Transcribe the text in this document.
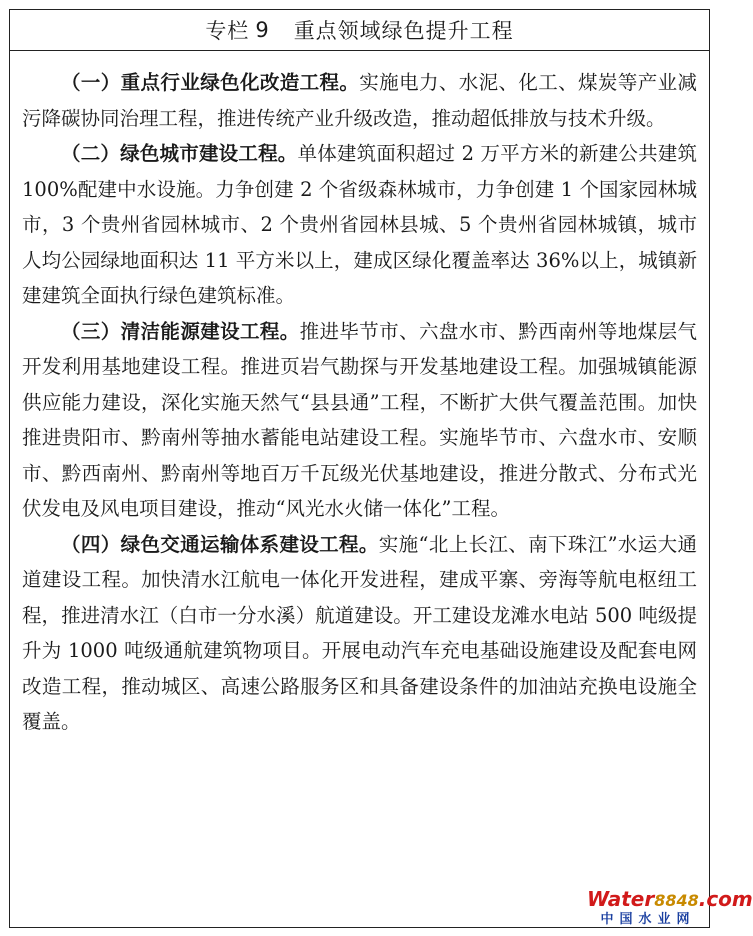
专栏 9 重点领域绿色提升工程

（一）重点行业绿色化改造工程。实施电力、水泥、化工、煤炭等产业减污降碳协同治理工程，推进传统产业升级改造，推动超低排放与技术升级。

（二）绿色城市建设工程。单体建筑面积超过 2 万平方米的新建公共建筑 100%配建中水设施。力争创建 2 个省级森林城市，力争创建 1 个国家园林城市，3 个贵州省园林城市、2 个贵州省园林县城、5 个贵州省园林城镇，城市人均公园绿地面积达 11 平方米以上，建成区绿化覆盖率达 36%以上，城镇新建建筑全面执行绿色建筑标准。

（三）清洁能源建设工程。推进毕节市、六盘水市、黔西南州等地煤层气开发利用基地建设工程。推进页岩气勘探与开发基地建设工程。加强城镇能源供应能力建设，深化实施天然气“县县通”工程，不断扩大供气覆盖范围。加快推进贵阳市、黔南州等抽水蓄能电站建设工程。实施毕节市、六盘水市、安顺市、黔西南州、黔南州等地百万千瓦级光伏基地建设，推进分散式、分布式光伏发电及风电项目建设，推动“风光水火储一体化”工程。

（四）绿色交通运输体系建设工程。实施“北上长江、南下珠江”水运大通道建设工程。加快清水江航电一体化开发进程，建成平寨、旁海等航电枢纽工程，推进清水江（白市一分水溪）航道建设。开工建设龙滩水电站 500 吨级提升为 1000 吨级通航建筑物项目。开展电动汽车充电基础设施建设及配套电网改造工程，推动城区、高速公路服务区和具备建设条件的加油站充换电设施全覆盖。

Water8848.com
中国水业网
